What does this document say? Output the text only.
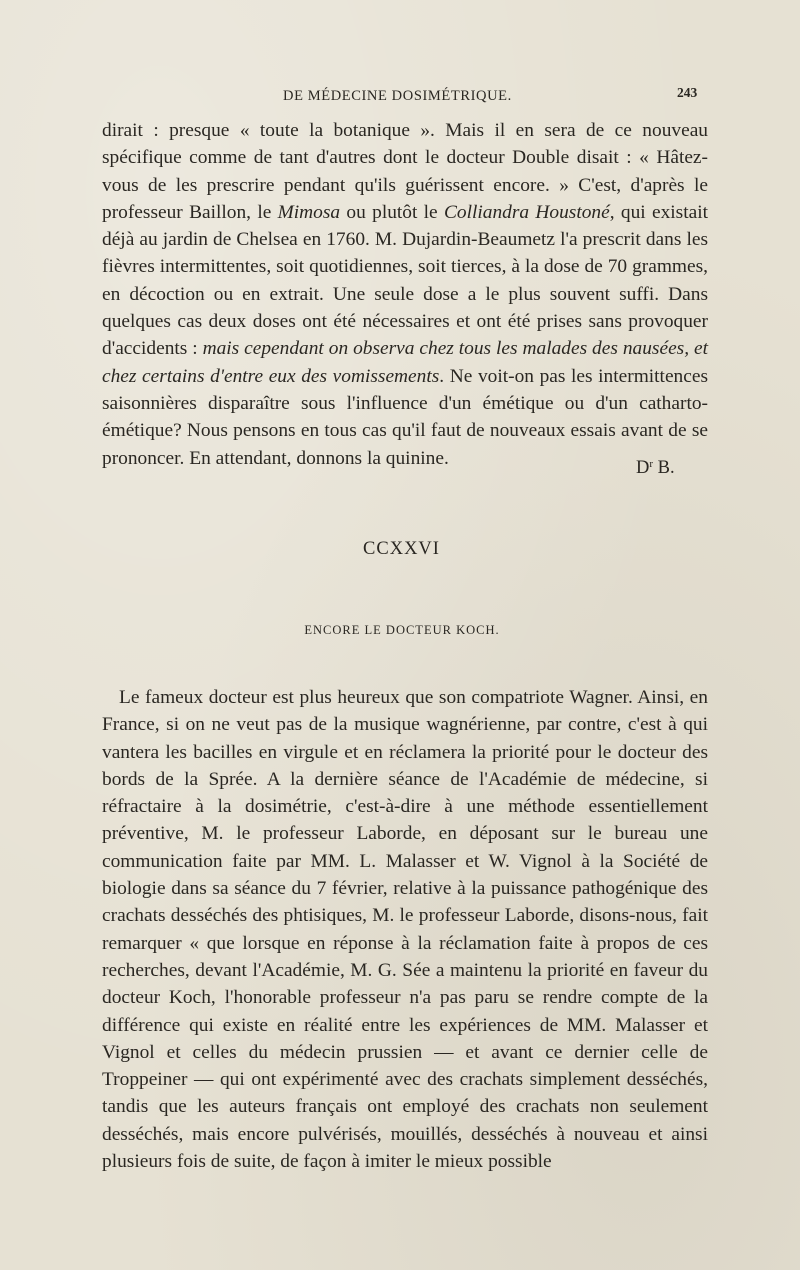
DE MÉDECINE DOSIMÉTRIQUE.	243

dirait : presque « toute la botanique ». Mais il en sera de ce nouveau spécifique comme de tant d'autres dont le docteur Double disait : « Hâtez-vous de les prescrire pendant qu'ils guérissent encore. » C'est, d'après le professeur Baillon, le Mimosa ou plutôt le Colliandra Houstoné, qui existait déjà au jardin de Chelsea en 1760. M. Dujardin-Beaumetz l'a prescrit dans les fièvres intermittentes, soit quotidiennes, soit tierces, à la dose de 70 grammes, en décoction ou en extrait. Une seule dose a le plus souvent suffi. Dans quelques cas deux doses ont été nécessaires et ont été prises sans provoquer d'accidents : mais cependant on observa chez tous les malades des nausées, et chez certains d'entre eux des vomissements. Ne voit-on pas les intermittences saisonnières disparaître sous l'influence d'un émétique ou d'un catharto-émétique? Nous pensons en tous cas qu'il faut de nouveaux essais avant de se prononcer. En attendant, donnons la quinine.	$D^r$ B.
CCXXVI
ENCORE LE DOCTEUR KOCH.

Le fameux docteur est plus heureux que son compatriote Wagner. Ainsi, en France, si on ne veut pas de la musique wagnérienne, par contre, c'est à qui vantera les bacilles en virgule et en réclamera la priorité pour le docteur des bords de la Sprée. A la dernière séance de l'Académie de médecine, si réfractaire à la dosimétrie, c'est-à-dire à une méthode essentiellement préventive, M. le professeur Laborde, en déposant sur le bureau une communication faite par MM. L. Malasser et W. Vignol à la Société de biologie dans sa séance du 7 février, relative à la puissance pathogénique des crachats desséchés des phtisiques, M. le professeur Laborde, disons-nous, fait remarquer « que lorsque en réponse à la réclamation faite à propos de ces recherches, devant l'Académie, M. G. Sée a maintenu la priorité en faveur du docteur Koch, l'honorable professeur n'a pas paru se rendre compte de la différence qui existe en réalité entre les expériences de MM. Malasser et Vignol et celles du médecin prussien — et avant ce dernier celle de Troppeiner — qui ont expérimenté avec des crachats simplement desséchés, tandis que les auteurs français ont employé des crachats non seulement desséchés, mais encore pulvérisés, mouillés, desséchés à nouveau et ainsi plusieurs fois de suite, de façon à imiter le mieux possible
